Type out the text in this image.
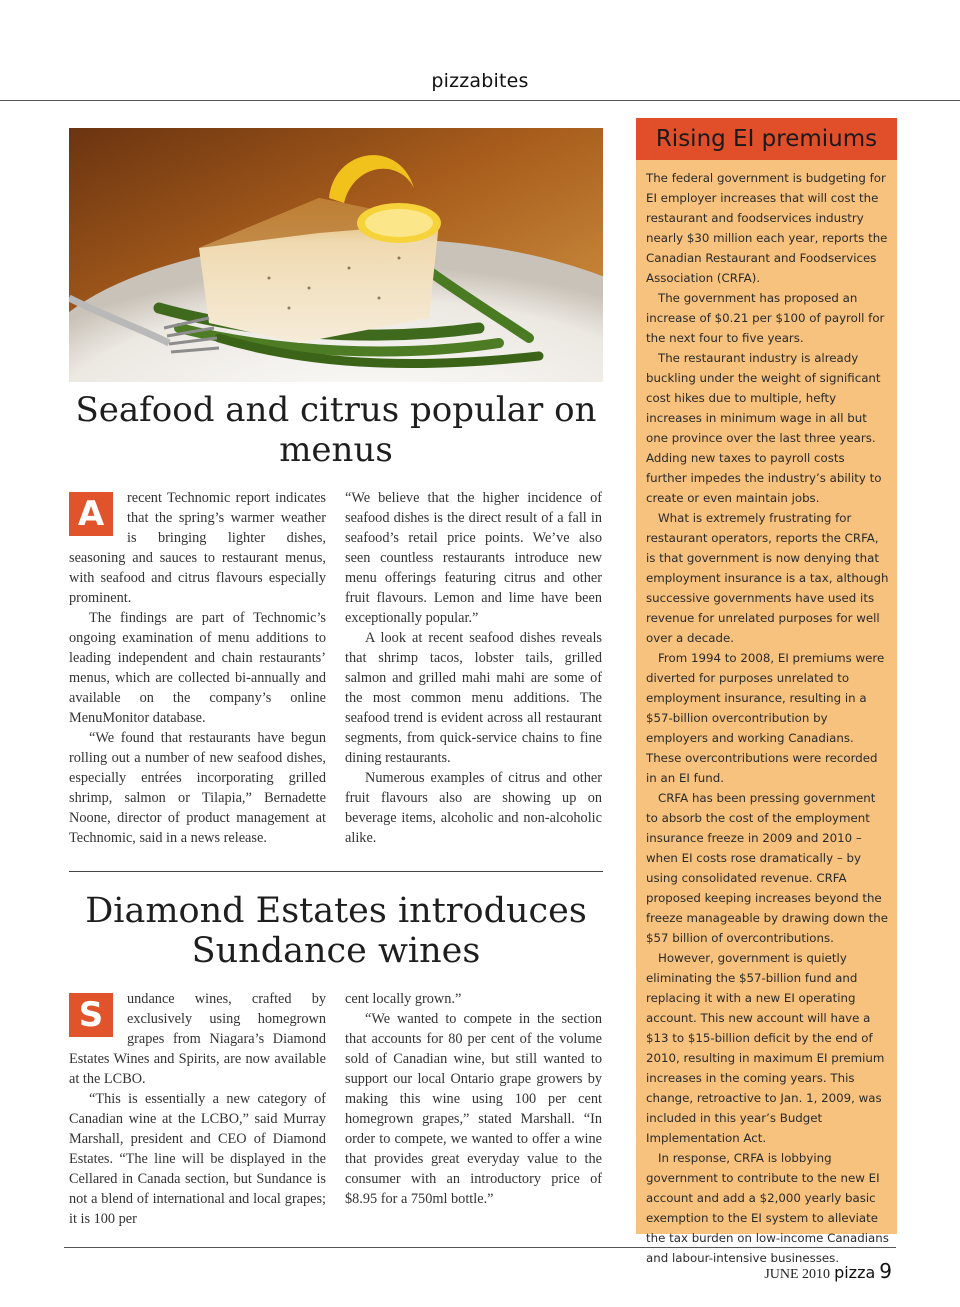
pizzabites
Seafood and citrus popular on menus
A	recent Technomic report indicates that the spring’s warmer weather is bringing lighter dishes, seasoning and sauces to restaurant menus, with seafood and citrus flavours especially prominent.

The findings are part of Technomic’s ongoing examination of menu additions to leading independent and chain restaurants’ menus, which are collected bi-annually and available on the company’s online MenuMonitor database.

“We found that restaurants have begun rolling out a number of new seafood dishes, especially entrées incorporating grilled shrimp, salmon or Tilapia,” Bernadette Noone, director of product management at Technomic, said in a news release.

“We believe that the higher incidence of seafood dishes is the direct result of a fall in seafood’s retail price points. We’ve also seen countless restaurants introduce new menu offerings featuring citrus and other fruit flavours. Lemon and lime have been exceptionally popular.”

A look at recent seafood dishes reveals that shrimp tacos, lobster tails, grilled salmon and grilled mahi mahi are some of the most common menu additions. The seafood trend is evident across all restaurant segments, from quick-service chains to fine dining restaurants.

Numerous examples of citrus and other fruit flavours also are showing up on beverage items, alcoholic and non-alcoholic alike.

Diamond Estates introduces Sundance wines
S	undance wines, crafted by exclusively using homegrown grapes from Niagara’s Diamond Estates Wines and Spirits, are now available at the LCBO.

“This is essentially a new category of Canadian wine at the LCBO,” said Murray Marshall, president and CEO of Diamond Estates. “The line will be displayed in the Cellared in Canada section, but Sundance is not a blend of international and local grapes; it is 100 per

cent locally grown.”

“We wanted to compete in the section that accounts for 80 per cent of the volume sold of Canadian wine, but still wanted to support our local Ontario grape growers by making this wine using 100 per cent homegrown grapes,” stated Marshall. “In order to compete, we wanted to offer a wine that provides great everyday value to the consumer with an introductory price of $8.95 for a 750ml bottle.”

Rising EI premiums

The federal government is budgeting for EI employer increases that will cost the restaurant and foodservices industry nearly $30 million each year, reports the Canadian Restaurant and Foodservices Association (CRFA).

The government has proposed an increase of $0.21 per $100 of payroll for the next four to five years.

The restaurant industry is already buckling under the weight of significant cost hikes due to multiple, hefty increases in minimum wage in all but one province over the last three years. Adding new taxes to payroll costs further impedes the industry’s ability to create or even maintain jobs.

What is extremely frustrating for restaurant operators, reports the CRFA, is that government is now denying that employment insurance is a tax, although successive governments have used its revenue for unrelated purposes for well over a decade.

From 1994 to 2008, EI premiums were diverted for purposes unrelated to employment insurance, resulting in a $57-billion overcontribution by employers and working Canadians. These overcontributions were recorded in an EI fund.

CRFA has been pressing government to absorb the cost of the employment insurance freeze in 2009 and 2010 – when EI costs rose dramatically – by using consolidated revenue. CRFA proposed keeping increases beyond the freeze manageable by drawing down the $57 billion of overcontributions.

However, government is quietly eliminating the $57-billion fund and replacing it with a new EI operating account. This new account will have a $13 to $15-billion deficit by the end of 2010, resulting in maximum EI premium increases in the coming years. This change, retroactive to Jan. 1, 2009, was included in this year’s Budget Implementation Act.

In response, CRFA is lobbying government to contribute to the new EI account and add a $2,000 yearly basic exemption to the EI system to alleviate the tax burden on low-income Canadians and labour-intensive businesses.

JUNE 2010 pizza 9
